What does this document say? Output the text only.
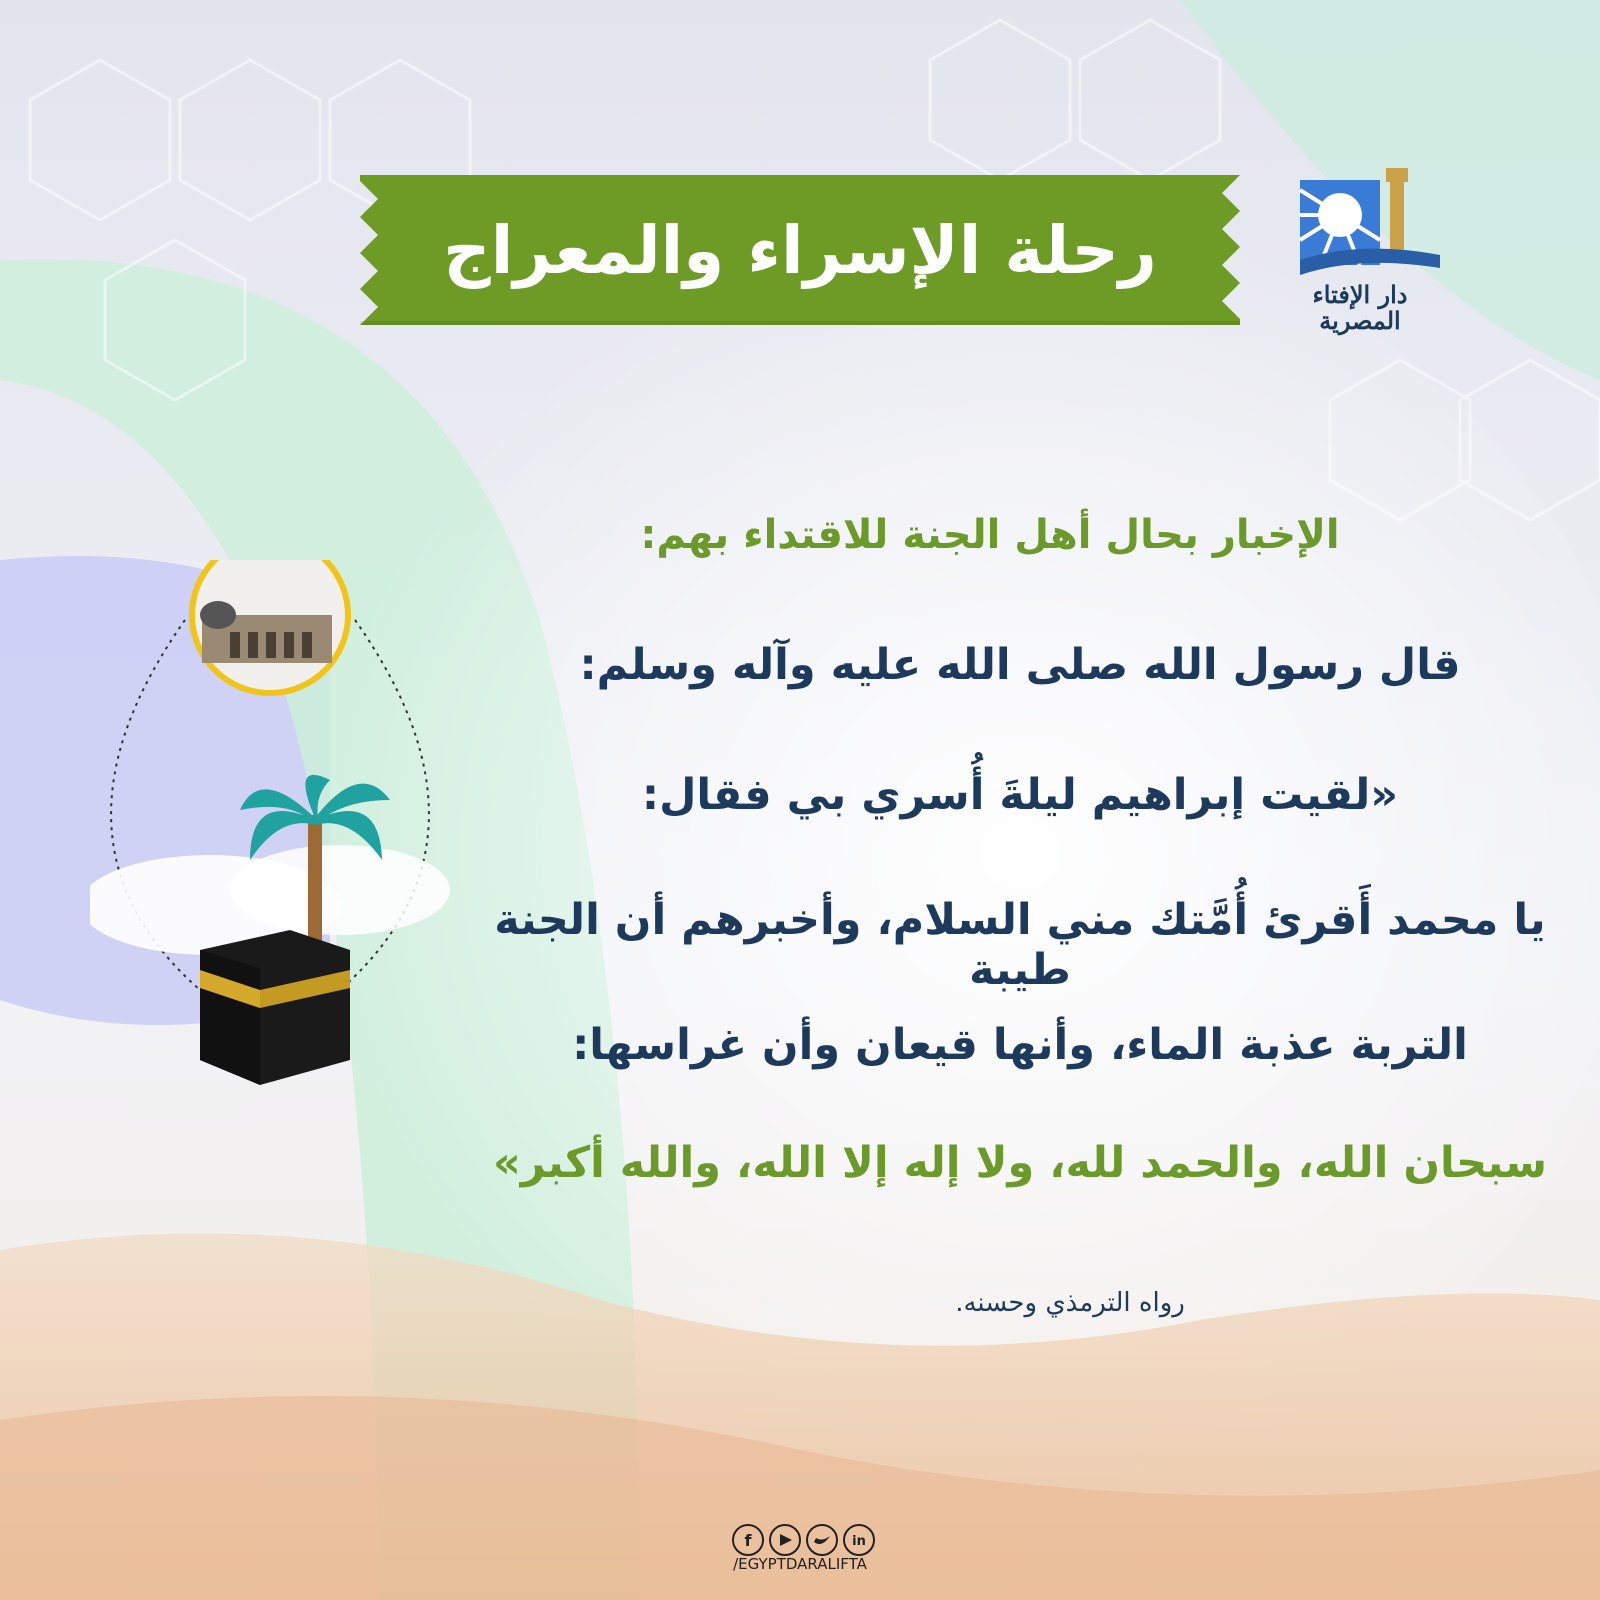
رحلة الإسراء والمعراج
دار الإفتاء
المصرية
الإخبار بحال أهل الجنة للاقتداء بهم:
قال رسول الله صلى الله عليه وآله وسلم:
«لقيت إبراهيم ليلةَ أُسري بي فقال:
يا محمد أَقرئ أُمَّتك مني السلام، وأخبرهم أن الجنة طيبة
التربة عذبة الماء، وأنها قيعان وأن غراسها:
سبحان الله، والحمد لله، ولا إله إلا الله، والله أكبر»
رواه الترمذي وحسنه.
f	in
/EGYPTDARALIFTA
